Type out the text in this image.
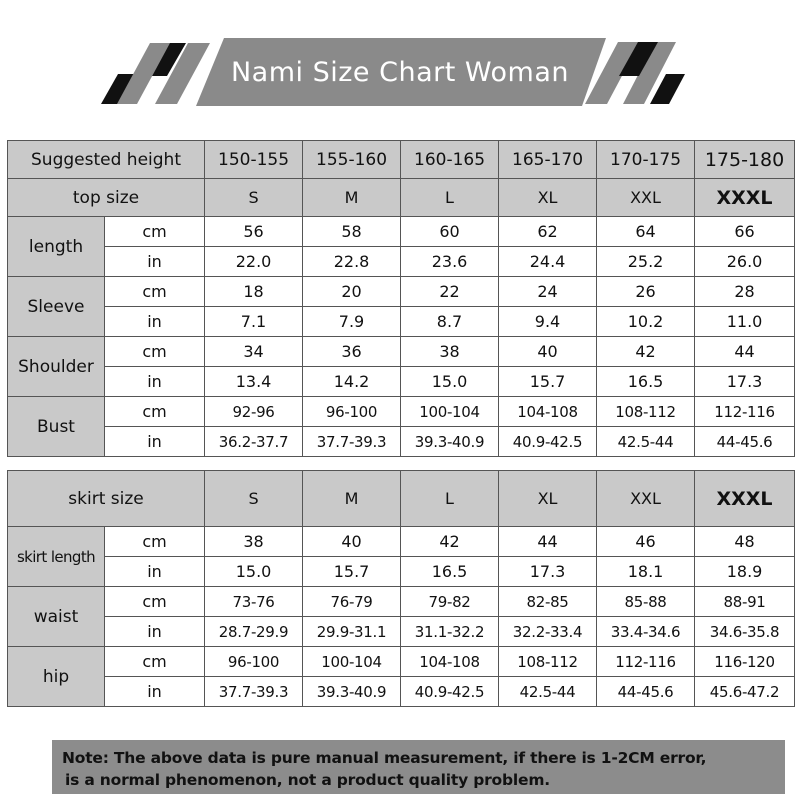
Nami Size Chart Woman
Suggested height		150-155	155-160	160-165	165-170	170-175	175-180
top size		S	M	L	XL	XXL	XXXL
length	cm	56	58	60	62	64	66
	in	22.0	22.8	23.6	24.4	25.2	26.0
Sleeve	cm	18	20	22	24	26	28
	in	7.1	7.9	8.7	9.4	10.2	11.0
Shoulder	cm	34	36	38	40	42	44
	in	13.4	14.2	15.0	15.7	16.5	17.3
Bust	cm	92-96	96-100	100-104	104-108	108-112	112-116
	in	36.2-37.7	37.7-39.3	39.3-40.9	40.9-42.5	42.5-44	44-45.6
skirt size		S	M	L	XL	XXL	XXXL
skirt length	cm	38	40	42	44	46	48
	in	15.0	15.7	16.5	17.3	18.1	18.9
waist	cm	73-76	76-79	79-82	82-85	85-88	88-91
	in	28.7-29.9	29.9-31.1	31.1-32.2	32.2-33.4	33.4-34.6	34.6-35.8
hip	cm	96-100	100-104	104-108	108-112	112-116	116-120
	in	37.7-39.3	39.3-40.9	40.9-42.5	42.5-44	44-45.6	45.6-47.2
Note: The above data is pure manual measurement, if there is 1-2CM error,
is a normal phenomenon, not a product quality problem.
